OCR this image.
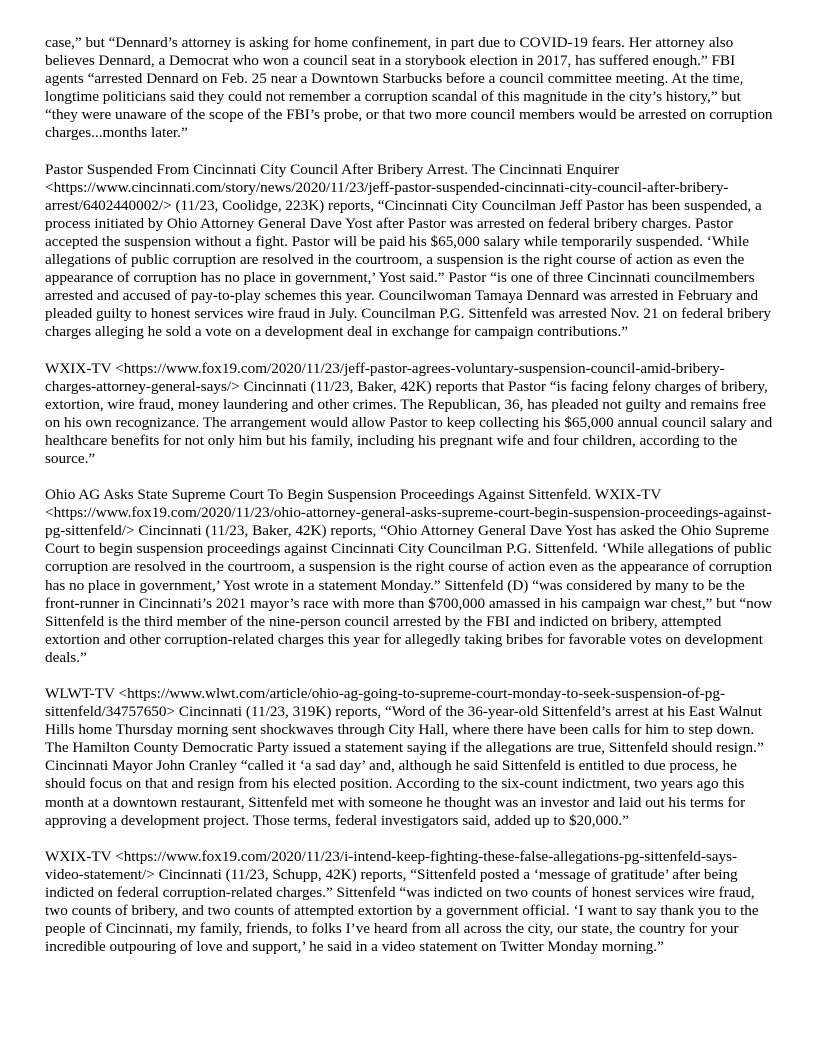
case,” but “Dennard’s attorney is asking for home confinement, in part due to COVID-19 fears. Her attorney also believes Dennard, a Democrat who won a council seat in a storybook election in 2017, has suffered enough.” FBI agents “arrested Dennard on Feb. 25 near a Downtown Starbucks before a council committee meeting. At the time, longtime politicians said they could not remember a corruption scandal of this magnitude in the city’s history,” but “they were unaware of the scope of the FBI’s probe, or that two more council members would be arrested on corruption charges...months later.”

Pastor Suspended From Cincinnati City Council After Bribery Arrest. The Cincinnati Enquirer <https://www.cincinnati.com/story/news/2020/11/23/jeff-pastor-suspended-cincinnati-city-council-after-bribery-arrest/6402440002/> (11/23, Coolidge, 223K) reports, “Cincinnati City Councilman Jeff Pastor has been suspended, a process initiated by Ohio Attorney General Dave Yost after Pastor was arrested on federal bribery charges. Pastor accepted the suspension without a fight. Pastor will be paid his $65,000 salary while temporarily suspended. ‘While allegations of public corruption are resolved in the courtroom, a suspension is the right course of action as even the appearance of corruption has no place in government,’ Yost said.” Pastor “is one of three Cincinnati councilmembers arrested and accused of pay-to-play schemes this year. Councilwoman Tamaya Dennard was arrested in February and pleaded guilty to honest services wire fraud in July. Councilman P.G. Sittenfeld was arrested Nov. 21 on federal bribery charges alleging he sold a vote on a development deal in exchange for campaign contributions.”

WXIX-TV <https://www.fox19.com/2020/11/23/jeff-pastor-agrees-voluntary-suspension-council-amid-bribery-charges-attorney-general-says/> Cincinnati (11/23, Baker, 42K) reports that Pastor “is facing felony charges of bribery, extortion, wire fraud, money laundering and other crimes. The Republican, 36, has pleaded not guilty and remains free on his own recognizance. The arrangement would allow Pastor to keep collecting his $65,000 annual council salary and healthcare benefits for not only him but his family, including his pregnant wife and four children, according to the source.”

Ohio AG Asks State Supreme Court To Begin Suspension Proceedings Against Sittenfeld. WXIX-TV <https://www.fox19.com/2020/11/23/ohio-attorney-general-asks-supreme-court-begin-suspension-proceedings-against-pg-sittenfeld/> Cincinnati (11/23, Baker, 42K) reports, “Ohio Attorney General Dave Yost has asked the Ohio Supreme Court to begin suspension proceedings against Cincinnati City Councilman P.G. Sittenfeld. ‘While allegations of public corruption are resolved in the courtroom, a suspension is the right course of action even as the appearance of corruption has no place in government,’ Yost wrote in a statement Monday.” Sittenfeld (D) “was considered by many to be the front-runner in Cincinnati’s 2021 mayor’s race with more than $700,000 amassed in his campaign war chest,” but “now Sittenfeld is the third member of the nine-person council arrested by the FBI and indicted on bribery, attempted extortion and other corruption-related charges this year for allegedly taking bribes for favorable votes on development deals.”

WLWT-TV <https://www.wlwt.com/article/ohio-ag-going-to-supreme-court-monday-to-seek-suspension-of-pg-sittenfeld/34757650> Cincinnati (11/23, 319K) reports, “Word of the 36-year-old Sittenfeld’s arrest at his East Walnut Hills home Thursday morning sent shockwaves through City Hall, where there have been calls for him to step down. The Hamilton County Democratic Party issued a statement saying if the allegations are true, Sittenfeld should resign.” Cincinnati Mayor John Cranley “called it ‘a sad day’ and, although he said Sittenfeld is entitled to due process, he should focus on that and resign from his elected position. According to the six-count indictment, two years ago this month at a downtown restaurant, Sittenfeld met with someone he thought was an investor and laid out his terms for approving a development project. Those terms, federal investigators said, added up to $20,000.”

WXIX-TV <https://www.fox19.com/2020/11/23/i-intend-keep-fighting-these-false-allegations-pg-sittenfeld-says-video-statement/> Cincinnati (11/23, Schupp, 42K) reports, “Sittenfeld posted a ‘message of gratitude’ after being indicted on federal corruption-related charges.” Sittenfeld “was indicted on two counts of honest services wire fraud, two counts of bribery, and two counts of attempted extortion by a government official. ‘I want to say thank you to the people of Cincinnati, my family, friends, to folks I’ve heard from all across the city, our state, the country for your incredible outpouring of love and support,’ he said in a video statement on Twitter Monday morning.”
